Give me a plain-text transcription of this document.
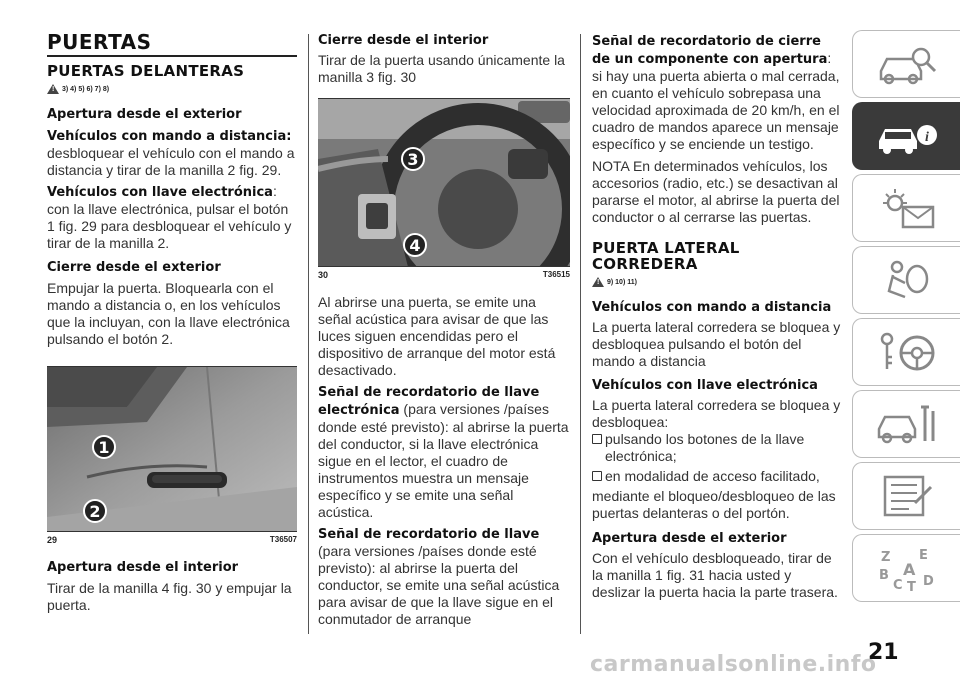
PUERTAS
PUERTAS DELANTERAS
!
3) 4) 5) 6) 7) 8)
Apertura desde el exterior
Vehículos con mando a distancia:
desbloquear el vehículo con el mando a distancia y tirar de la manilla 2 fig. 29.
Vehículos con llave electrónica: con la llave electrónica, pulsar el botón 1 fig. 29 para desbloquear el vehículo y tirar de la manilla 2.
Cierre desde el exterior
Empujar la puerta. Bloquearla con el mando a distancia o, en los vehículos que la incluyan, con la llave electrónica pulsando el botón 2.
1
2
29	T36507
Apertura desde el interior
Tirar de la manilla 4 fig. 30 y empujar la puerta.
Cierre desde el interior
Tirar de la puerta usando únicamente la manilla 3 fig. 30
3
4
30	T36515
Al abrirse una puerta, se emite una señal acústica para avisar de que las luces siguen encendidas pero el dispositivo de arranque del motor está desactivado.
Señal de recordatorio de llave electrónica (para versiones /países donde esté previsto): al abrirse la puerta del conductor, si la llave electrónica sigue en el lector, el cuadro de instrumentos muestra un mensaje específico y se emite una señal acústica.
Señal de recordatorio de llave (para versiones /países donde esté previsto): al abrirse la puerta del conductor, se emite una señal acústica para avisar de que la llave sigue en el conmutador de arranque
Señal de recordatorio de cierre de un componente con apertura: si hay una puerta abierta o mal cerrada, en cuanto el vehículo sobrepasa una velocidad aproximada de 20 km/h, en el cuadro de mandos aparece un mensaje específico y se enciende un testigo.
NOTA En determinados vehículos, los accesorios (radio, etc.) se desactivan al pararse el motor, al abrirse la puerta del conductor o al cerrarse las puertas.
PUERTA LATERAL CORREDERA
!
9) 10) 11)
Vehículos con mando a distancia
La puerta lateral corredera se bloquea y desbloquea pulsando el botón del mando a distancia
Vehículos con llave electrónica
La puerta lateral corredera se bloquea y desbloquea:
pulsando los botones de la llave electrónica;
en modalidad de acceso facilitado,
mediante el bloqueo/desbloqueo de las puertas delanteras o del portón.
Apertura desde el exterior
Con el vehículo desbloqueado, tirar de la manilla 1 fig. 31 hacia usted y deslizar la puerta hacia la parte trasera.
i
Z E
B A
C T D
21
carmanualsonline.info
